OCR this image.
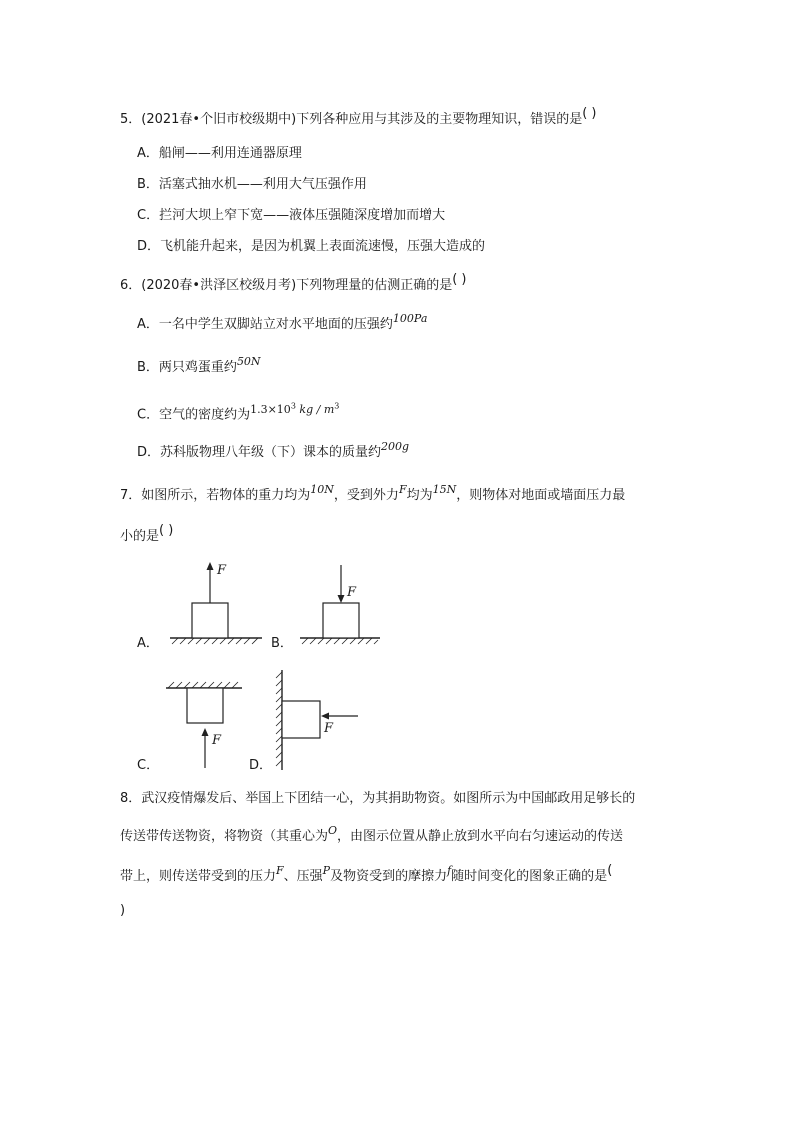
5．(2021春•个旧市校级期中)下列各种应用与其涉及的主要物理知识，错误的是( )
A．船闸——利用连通器原理
B．活塞式抽水机——利用大气压强作用
C．拦河大坝上窄下宽——液体压强随深度增加而增大
D．飞机能升起来，是因为机翼上表面流速慢，压强大造成的
6．(2020春•洪泽区校级月考)下列物理量的估测正确的是( )
A．一名中学生双脚站立对水平地面的压强约$^{100Pa}$
B．两只鸡蛋重约$^{50N}$
C．空气的密度约为$^{1.3\times 10^3 kg / m^3}$
D．苏科版物理八年级（下）课本的质量约$^{200g}$
7．如图所示，若物体的重力均为$^{10N}$，受到外力$^F$均为$^{15N}$，则物体对地面或墙面压力最
小的是( )
F
A．
F
B．
F
C．
F
D．
8．武汉疫情爆发后、举国上下团结一心，为其捐助物资。如图所示为中国邮政用足够长的
传送带传送物资，将物资（其重心为$^O$，由图示位置从静止放到水平向右匀速运动的传送
带上，则传送带受到的压力$^F$、压强$^P$及物资受到的摩擦力$^f$随时间变化的图象正确的是(
)
